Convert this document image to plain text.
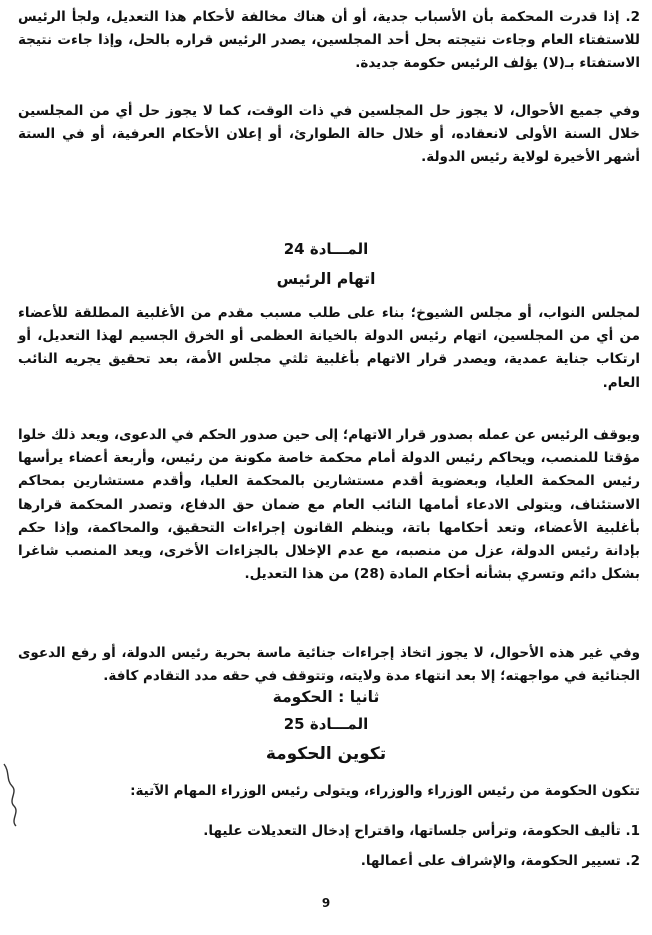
2. إذا قدرت المحكمة بأن الأسباب جدية، أو أن هناك مخالفة لأحكام هذا التعديل، ولجأ الرئيس للاستفتاء العام وجاءت نتيجته بحل أحد المجلسين، يصدر الرئيس قراره بالحل، وإذا جاءت نتيجة الاستفتاء بـ(لا) يؤلف الرئيس حكومة جديدة.

وفي جميع الأحوال، لا يجوز حل المجلسين في ذات الوقت، كما لا يجوز حل أي من المجلسين خلال السنة الأولى لانعقاده، أو خلال حالة الطوارئ، أو إعلان الأحكام العرفية، أو في الستة أشهر الأخيرة لولاية رئيس الدولة.

المـــادة 24
اتهام الرئيس

لمجلس النواب، أو مجلس الشيوخ؛ بناء على طلب مسبب مقدم من الأغلبية المطلقة للأعضاء من أي من المجلسين، اتهام رئيس الدولة بالخيانة العظمى أو الخرق الجسيم لهذا التعديل، أو ارتكاب جناية عمدية، ويصدر قرار الاتهام بأغلبية ثلثي مجلس الأمة، بعد تحقيق يجريه النائب العام.

ويوقف الرئيس عن عمله بصدور قرار الاتهام؛ إلى حين صدور الحكم في الدعوى، ويعد ذلك خلوا مؤقتا للمنصب، ويحاكم رئيس الدولة أمام محكمة خاصة مكونة من رئيس، وأربعة أعضاء يرأسها رئيس المحكمة العليا، وبعضوية أقدم مستشارين بالمحكمة العليا، وأقدم مستشارين بمحاكم الاستئناف، ويتولى الادعاء أمامها النائب العام مع ضمان حق الدفاع، وتصدر المحكمة قرارها بأغلبية الأعضاء، وتعد أحكامها باتة، وينظم القانون إجراءات التحقيق، والمحاكمة، وإذا حكم بإدانة رئيس الدولة، عزل من منصبه، مع عدم الإخلال بالجزاءات الأخرى، ويعد المنصب شاغرا بشكل دائم وتسري بشأنه أحكام المادة (28) من هذا التعديل.

وفي غير هذه الأحوال، لا يجوز اتخاذ إجراءات جنائية ماسة بحرية رئيس الدولة، أو رفع الدعوى الجنائية في مواجهته؛ إلا بعد انتهاء مدة ولايته، وتتوقف في حقه مدد التقادم كافة.

ثانيا : الحكومة
المـــادة 25
تكوين الحكومة

تتكون الحكومة من رئيس الوزراء والوزراء، ويتولى رئيس الوزراء المهام الآتية:

1. تأليف الحكومة، وترأس جلساتها، واقتراح إدخال التعديلات عليها.

2. تسيير الحكومة، والإشراف على أعمالها.

9
